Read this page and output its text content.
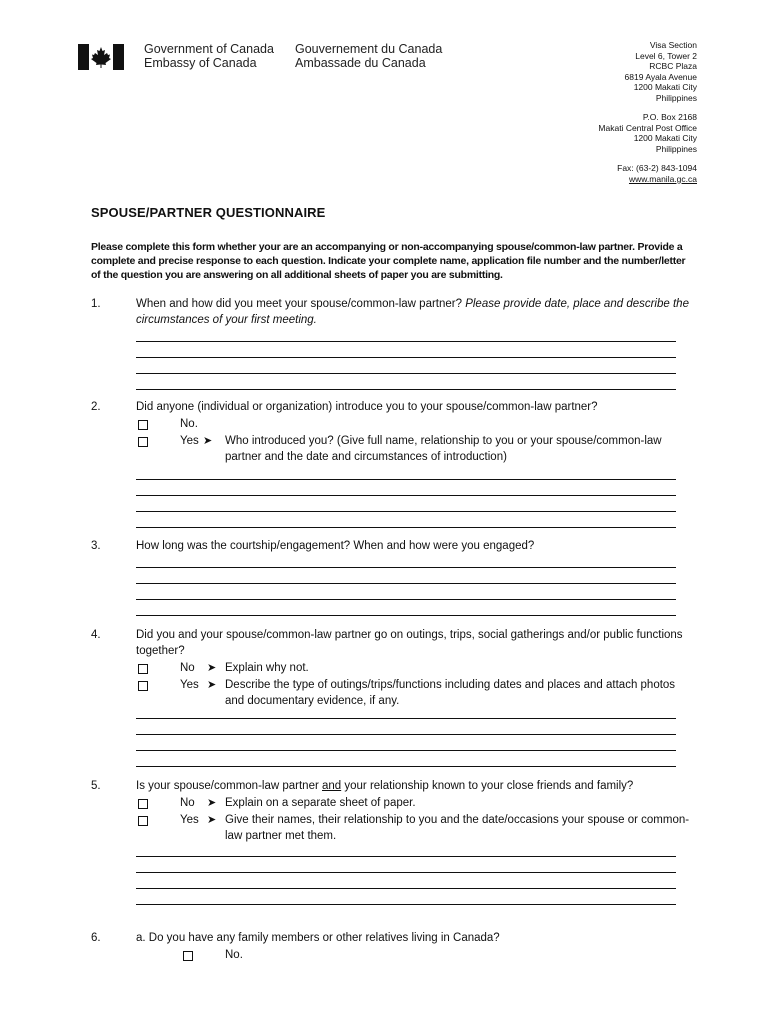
Government of Canada
Embassy of Canada
Gouvernement du Canada
Ambassade du Canada
Visa Section
Level 6, Tower 2
RCBC Plaza
6819 Ayala Avenue
1200 Makati City
Philippines
P.O. Box 2168
Makati Central Post Office
1200 Makati City
Philippines
Fax: (63-2) 843-1094
www.manila.gc.ca
SPOUSE/PARTNER QUESTIONNAIRE
Please complete this form whether your are an accompanying or non-accompanying spouse/common-law partner. Provide a complete and precise response to each question. Indicate your complete name, application file number and the number/letter of the question you are answering on all additional sheets of paper you are submitting.
1.	When and how did you meet your spouse/common-law partner? Please provide date, place and describe the circumstances of your first meeting.
2.	Did anyone (individual or organization) introduce you to your spouse/common-law partner?
No.
Yes ➤ Who introduced you? (Give full name, relationship to you or your spouse/common-law partner and the date and circumstances of introduction)
3.	How long was the courtship/engagement? When and how were you engaged?
4.	Did you and your spouse/common-law partner go on outings, trips, social gatherings and/or public functions together?
No ➤ Explain why not.
Yes ➤ Describe the type of outings/trips/functions including dates and places and attach photos and documentary evidence, if any.
5.	Is your spouse/common-law partner and your relationship known to your close friends and family?
No ➤ Explain on a separate sheet of paper.
Yes ➤ Give their names, their relationship to you and the date/occasions your spouse or common-law partner met them.
6.	a. Do you have any family members or other relatives living in Canada?
No.
